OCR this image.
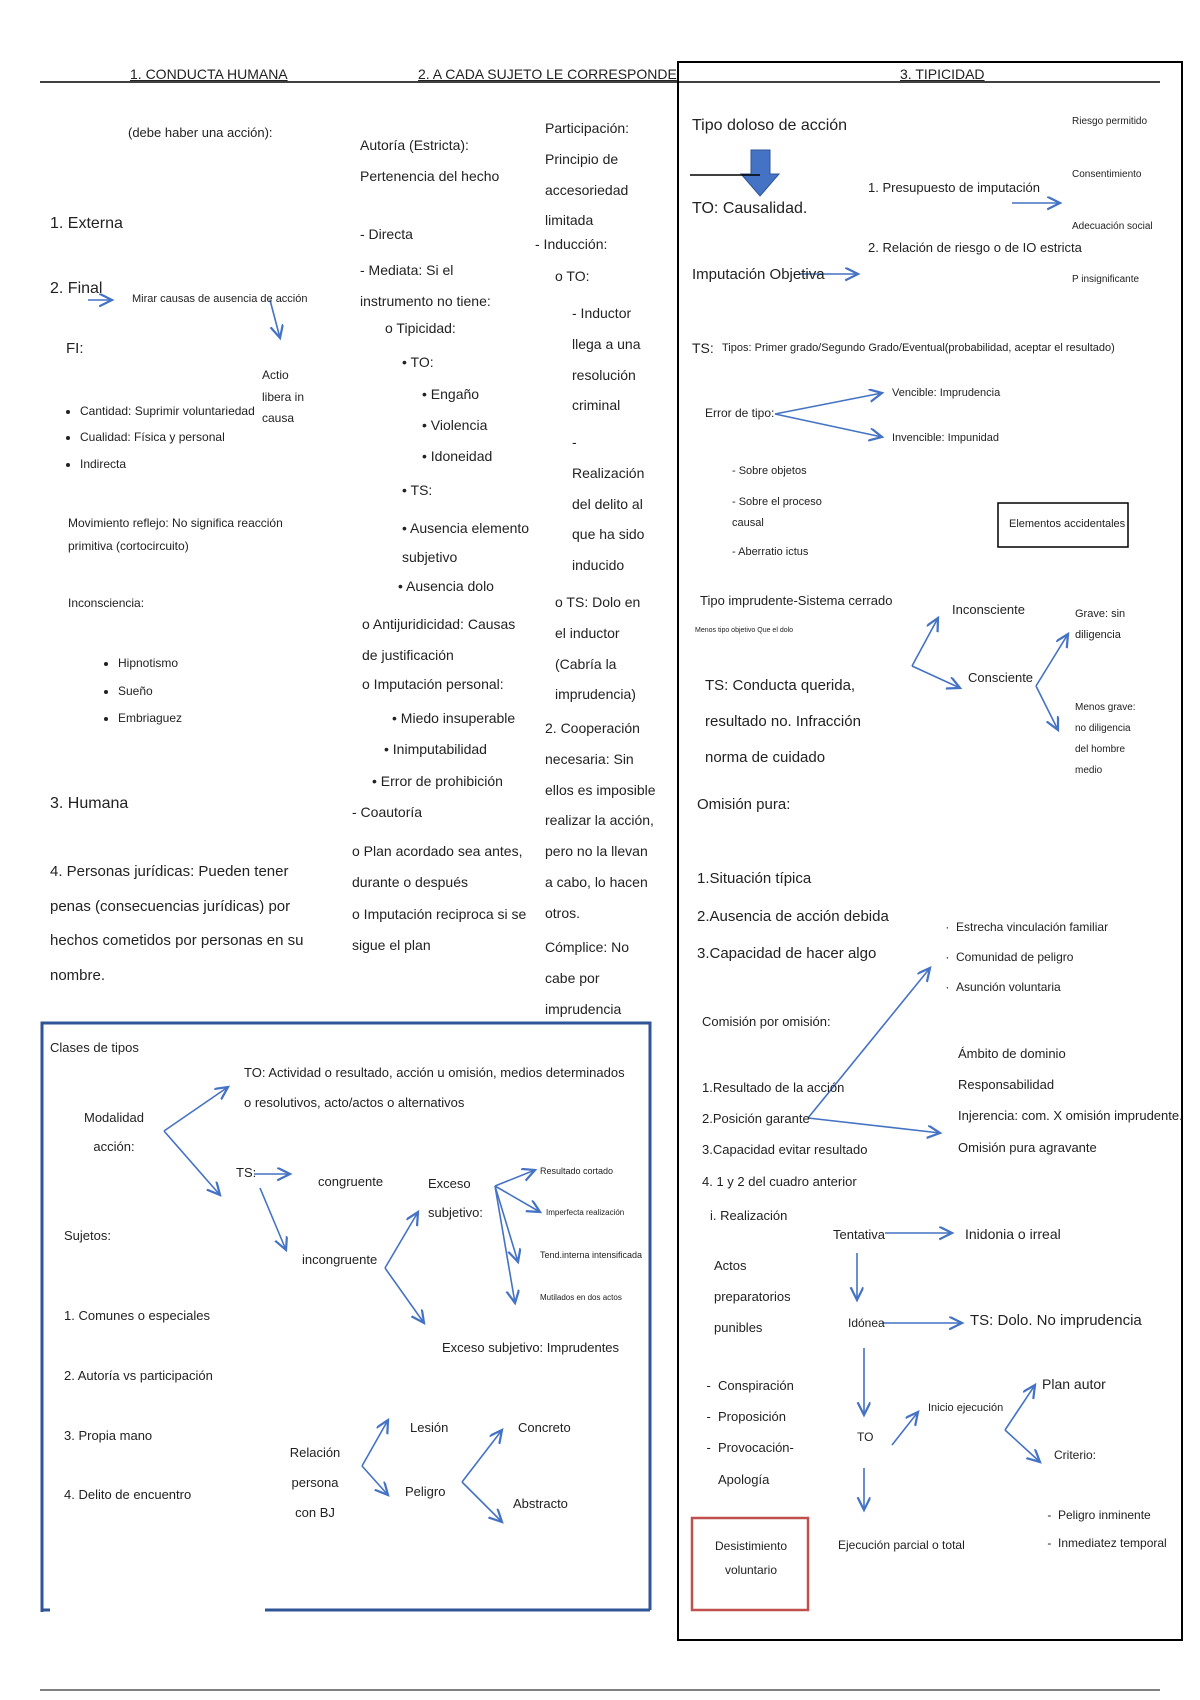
1. CONDUCTA HUMANA	2. A CADA SUJETO LE CORRESPONDE	3. TIPICIDAD
(debe haber una acción):
1. Externa
2. Final
Mirar causas de ausencia de acción
FI:
Actio libera in causa
• Cantidad: Suprimir voluntariedad
• Cualidad: Física y personal
• Indirecta
Movimiento reflejo: No significa reacción primitiva (cortocircuito)
Inconsciencia:
• Hipnotismo
• Sueño
• Embriaguez
3. Humana
4. Personas jurídicas: Pueden tener penas (consecuencias jurídicas) por hechos cometidos por personas en su nombre.
Autoría (Estricta): Pertenencia del hecho
- Directa
- Mediata: Si el instrumento no tiene:
o Tipicidad:
• TO:
• Engaño
• Violencia
• Idoneidad
• TS:
• Ausencia elemento subjetivo
• Ausencia dolo
o Antijuridicidad: Causas de justificación
o Imputación personal:
• Miedo insuperable
• Inimputabilidad
• Error de prohibición
- Coautoría
o Plan acordado sea antes, durante o después
o Imputación reciproca si se sigue el plan
Participación: Principio de accesoriedad limitada
- Inducción:
o TO:
- Inductor llega a una resolución criminal
- Realización del delito al que ha sido inducido
o TS: Dolo en el inductor (Cabría la imprudencia)
2. Cooperación necesaria: Sin ellos es imposible realizar la acción, pero no la llevan a cabo, lo hacen otros.
Cómplice: No cabe por imprudencia
Tipo doloso de acción
TO: Causalidad.
Imputación Objetiva
1. Presupuesto de imputación
2. Relación de riesgo o de IO estricta
Riesgo permitido
Consentimiento
Adecuación social
P insignificante
TS: Tipos: Primer grado/Segundo Grado/Eventual(probabilidad, aceptar el resultado)
Error de tipo:
Vencible: Imprudencia
Invencible: Impunidad
- Sobre objetos
- Sobre el proceso causal
- Aberratio ictus
Elementos accidentales
Tipo imprudente-Sistema cerrado
Menos tipo objetivo Que el dolo
Inconsciente
Consciente
Grave: sin diligencia
Menos grave: no diligencia del hombre medio
TS: Conducta querida, resultado no. Infracción norma de cuidado
Omisión pura:
1.Situación típica
2.Ausencia de acción debida
3.Capacidad de hacer algo
· Estrecha vinculación familiar
· Comunidad de peligro
· Asunción voluntaria
Comisión por omisión:
1.Resultado de la acción
2.Posición garante
3.Capacidad evitar resultado
4. 1 y 2 del cuadro anterior
Ámbito de dominio
Responsabilidad
Injerencia: com. X omisión imprudente.
Omisión pura agravante
i. Realización
Actos preparatorios punibles
- Conspiración
- Proposición
- Provocación-Apología
Tentativa	Inidonia o irreal
Idónea	TS: Dolo. No imprudencia
TO
Inicio ejecución
Plan autor
Criterio:
- Peligro inminente
- Inmediatez temporal
Ejecución parcial o total
Desistimiento voluntario
Clases de tipos
Modalidad acción:
TO: Actividad o resultado, acción u omisión, medios determinados o resolutivos, acto/actos o alternativos
TS:
congruente
incongruente
Exceso subjetivo:
Resultado cortado
Imperfecta realización
Tend.interna intensificada
Mutilados en dos actos
Exceso subjetivo: Imprudentes
Sujetos:
1. Comunes o especiales
2. Autoría vs participación
3. Propia mano
4. Delito de encuentro
Relación persona con BJ
Lesión
Peligro
Concreto
Abstracto
